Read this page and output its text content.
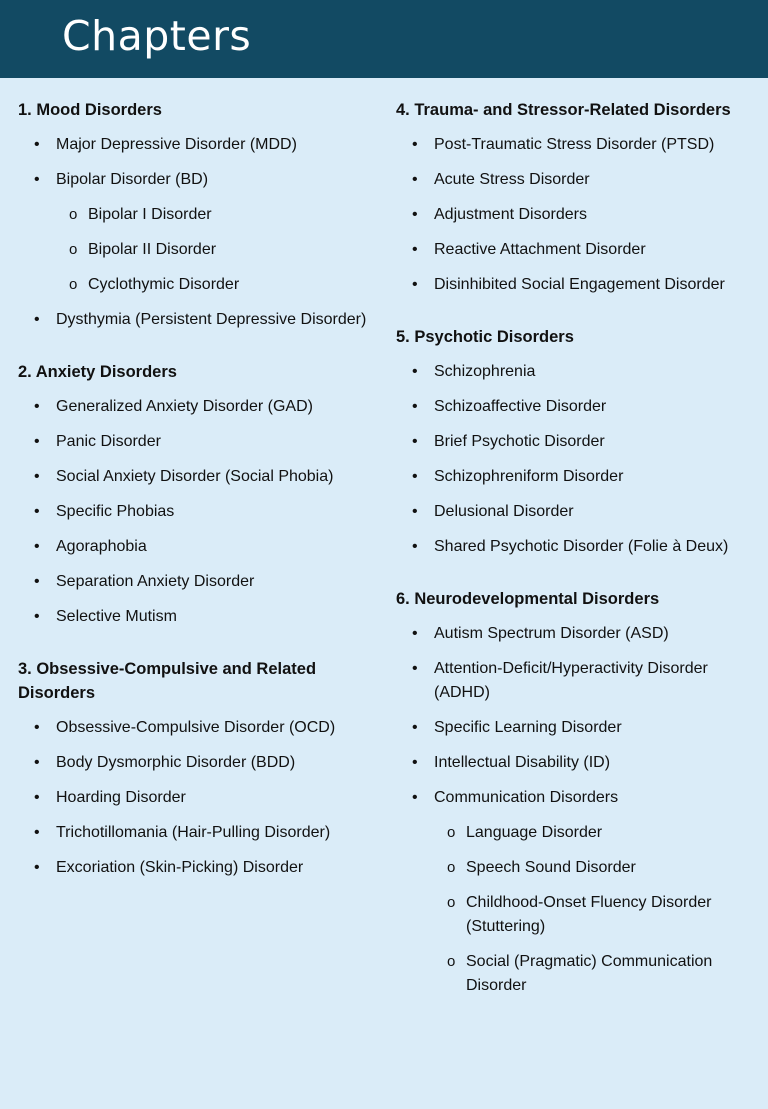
Chapters
1. Mood Disorders
• Major Depressive Disorder (MDD)
• Bipolar Disorder (BD)
o Bipolar I Disorder
o Bipolar II Disorder
o Cyclothymic Disorder
• Dysthymia (Persistent Depressive Disorder)
2. Anxiety Disorders
• Generalized Anxiety Disorder (GAD)
• Panic Disorder
• Social Anxiety Disorder (Social Phobia)
• Specific Phobias
• Agoraphobia
• Separation Anxiety Disorder
• Selective Mutism
3. Obsessive-Compulsive and Related Disorders
• Obsessive-Compulsive Disorder (OCD)
• Body Dysmorphic Disorder (BDD)
• Hoarding Disorder
• Trichotillomania (Hair-Pulling Disorder)
• Excoriation (Skin-Picking) Disorder
4. Trauma- and Stressor-Related Disorders
• Post-Traumatic Stress Disorder (PTSD)
• Acute Stress Disorder
• Adjustment Disorders
• Reactive Attachment Disorder
• Disinhibited Social Engagement Disorder
5. Psychotic Disorders
• Schizophrenia
• Schizoaffective Disorder
• Brief Psychotic Disorder
• Schizophreniform Disorder
• Delusional Disorder
• Shared Psychotic Disorder (Folie à Deux)
6. Neurodevelopmental Disorders
• Autism Spectrum Disorder (ASD)
• Attention-Deficit/Hyperactivity Disorder (ADHD)
• Specific Learning Disorder
• Intellectual Disability (ID)
• Communication Disorders
o Language Disorder
o Speech Sound Disorder
o Childhood-Onset Fluency Disorder (Stuttering)
o Social (Pragmatic) Communication Disorder
